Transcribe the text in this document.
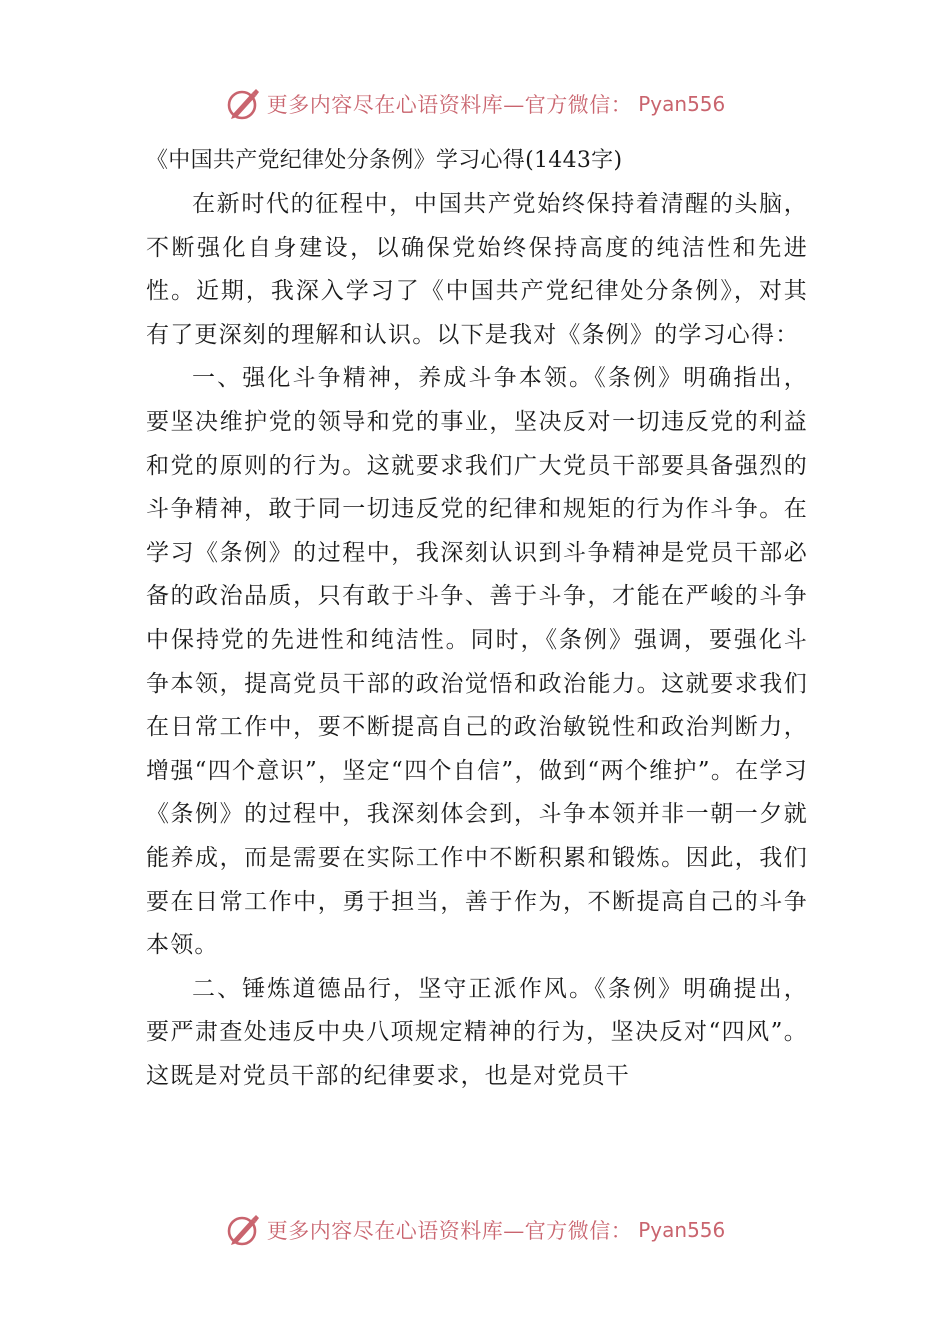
更多内容尽在心语资料库—官方微信： Pyan556

《中国共产党纪律处分条例》学习心得(1443字)

在新时代的征程中，中国共产党始终保持着清醒的头脑，不断强化自身建设，以确保党始终保持高度的纯洁性和先进性。近期，我深入学习了《中国共产党纪律处分条例》，对其有了更深刻的理解和认识。以下是我对《条例》的学习心得：

一、强化斗争精神，养成斗争本领。《条例》明确指出，要坚决维护党的领导和党的事业，坚决反对一切违反党的利益和党的原则的行为。这就要求我们广大党员干部要具备强烈的斗争精神，敢于同一切违反党的纪律和规矩的行为作斗争。在学习《条例》的过程中，我深刻认识到斗争精神是党员干部必备的政治品质，只有敢于斗争、善于斗争，才能在严峻的斗争中保持党的先进性和纯洁性。同时，《条例》强调，要强化斗争本领，提高党员干部的政治觉悟和政治能力。这就要求我们在日常工作中，要不断提高自己的政治敏锐性和政治判断力，增强“四个意识”，坚定“四个自信”，做到“两个维护”。在学习《条例》的过程中，我深刻体会到，斗争本领并非一朝一夕就能养成，而是需要在实际工作中不断积累和锻炼。因此，我们要在日常工作中，勇于担当，善于作为，不断提高自己的斗争本领。

二、锤炼道德品行，坚守正派作风。《条例》明确提出，要严肃查处违反中央八项规定精神的行为，坚决反对“四风”。这既是对党员干部的纪律要求，也是对党员干

更多内容尽在心语资料库—官方微信： Pyan556
